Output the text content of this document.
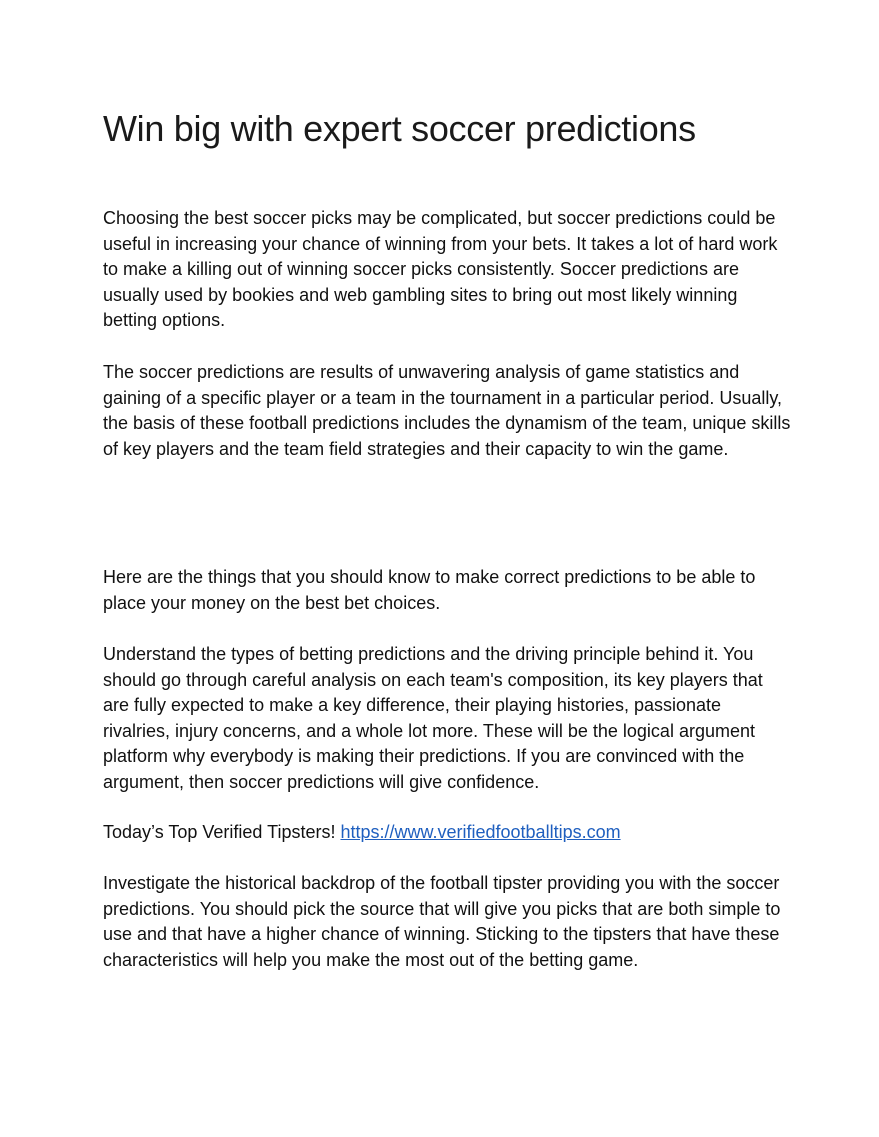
Win big with expert soccer predictions

Choosing the best soccer picks may be complicated, but soccer predictions could be useful in increasing your chance of winning from your bets. It takes a lot of hard work to make a killing out of winning soccer picks consistently. Soccer predictions are usually used by bookies and web gambling sites to bring out most likely winning betting options.

The soccer predictions are results of unwavering analysis of game statistics and gaining of a specific player or a team in the tournament in a particular period. Usually, the basis of these football predictions includes the dynamism of the team, unique skills of key players and the team field strategies and their capacity to win the game.

Here are the things that you should know to make correct predictions to be able to place your money on the best bet choices.

Understand the types of betting predictions and the driving principle behind it. You should go through careful analysis on each team's composition, its key players that are fully expected to make a key difference, their playing histories, passionate rivalries, injury concerns, and a whole lot more. These will be the logical argument platform why everybody is making their predictions. If you are convinced with the argument, then soccer predictions will give confidence.

Today’s Top Verified Tipsters! https://www.verifiedfootballtips.com

Investigate the historical backdrop of the football tipster providing you with the soccer predictions. You should pick the source that will give you picks that are both simple to use and that have a higher chance of winning. Sticking to the tipsters that have these characteristics will help you make the most out of the betting game.
